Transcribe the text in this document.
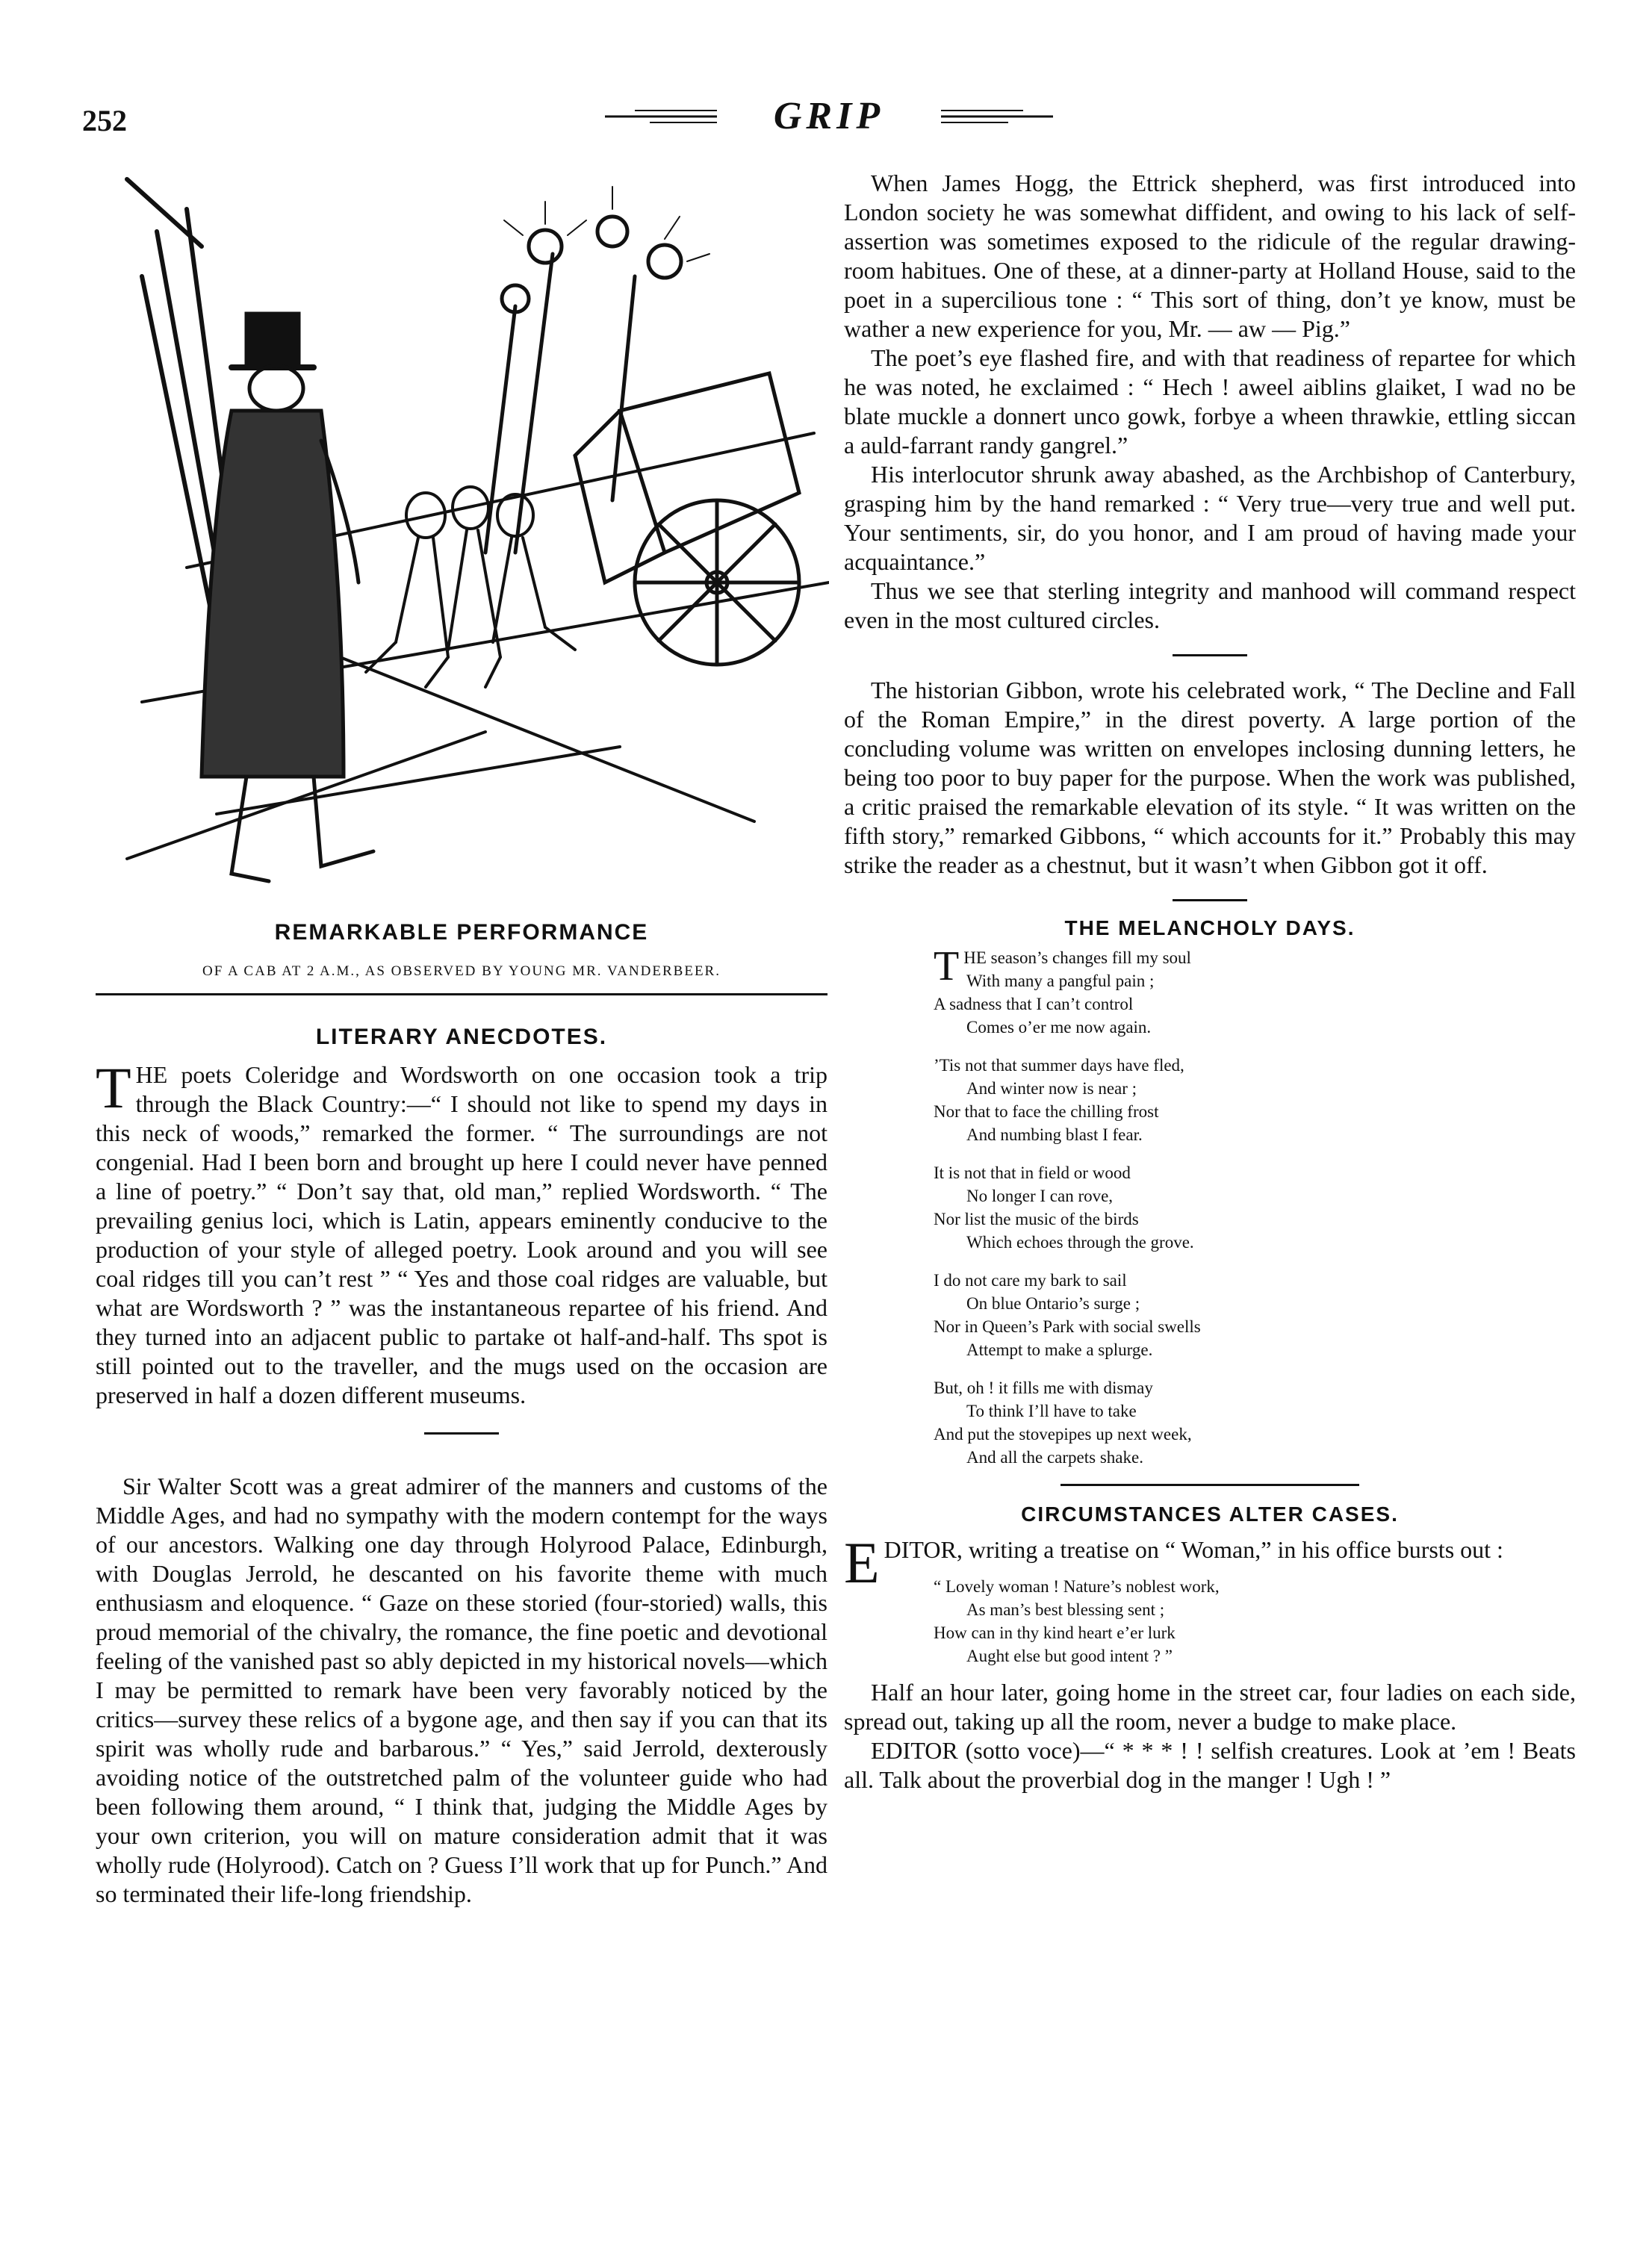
252	GRIP
REMARKABLE PERFORMANCE
OF A CAB AT 2 A.M., AS OBSERVED BY YOUNG MR. VANDERBEER.
LITERARY ANECDOTES.

THE poets Coleridge and Wordsworth on one occasion took a trip through the Black Country:—“ I should not like to spend my days in this neck of woods,” remarked the former. “ The surroundings are not congenial. Had I been born and brought up here I could never have penned a line of poetry.” “ Don’t say that, old man,” replied Wordsworth. “ The prevailing genius loci, which is Latin, appears eminently conducive to the production of your style of alleged poetry. Look around and you will see coal ridges till you can’t rest ” “ Yes and those coal ridges are valuable, but what are Wordsworth ? ” was the instantaneous repartee of his friend. And they turned into an adjacent public to partake ot half-and-half. Ths spot is still pointed out to the traveller, and the mugs used on the occasion are preserved in half a dozen different museums.

Sir Walter Scott was a great admirer of the manners and customs of the Middle Ages, and had no sympathy with the modern contempt for the ways of our ancestors. Walking one day through Holyrood Palace, Edinburgh, with Douglas Jerrold, he descanted on his favorite theme with much enthusiasm and eloquence. “ Gaze on these storied (four-storied) walls, this proud memorial of the chivalry, the romance, the fine poetic and devotional feeling of the vanished past so ably depicted in my historical novels—which I may be permitted to remark have been very favorably noticed by the critics—survey these relics of a bygone age, and then say if you can that its spirit was wholly rude and barbarous.” “ Yes,” said Jerrold, dexterously avoiding notice of the outstretched palm of the volunteer guide who had been following them around, “ I think that, judging the Middle Ages by your own criterion, you will on mature consideration admit that it was wholly rude (Holyrood). Catch on ? Guess I’ll work that up for Punch.” And so terminated their life-long friendship.

When James Hogg, the Ettrick shepherd, was first introduced into London society he was somewhat diffident, and owing to his lack of self-assertion was sometimes exposed to the ridicule of the regular drawing-room habitues. One of these, at a dinner-party at Holland House, said to the poet in a supercilious tone : “ This sort of thing, don’t ye know, must be wather a new experience for you, Mr. — aw — Pig.”

The poet’s eye flashed fire, and with that readiness of repartee for which he was noted, he exclaimed : “ Hech ! aweel aiblins glaiket, I wad no be blate muckle a donnert unco gowk, forbye a wheen thrawkie, ettling siccan a auld-farrant randy gangrel.”

His interlocutor shrunk away abashed, as the Archbishop of Canterbury, grasping him by the hand remarked : “ Very true—very true and well put. Your sentiments, sir, do you honor, and I am proud of having made your acquaintance.”

Thus we see that sterling integrity and manhood will command respect even in the most cultured circles.

The historian Gibbon, wrote his celebrated work, “ The Decline and Fall of the Roman Empire,” in the direst poverty. A large portion of the concluding volume was written on envelopes inclosing dunning letters, he being too poor to buy paper for the purpose. When the work was published, a critic praised the remarkable elevation of its style. “ It was written on the fifth story,” remarked Gibbons, “ which accounts for it.” Probably this may strike the reader as a chestnut, but it wasn’t when Gibbon got it off.

THE MELANCHOLY DAYS.
THE season’s changes fill my soul
With many a pangful pain ;
A sadness that I can’t control
Comes o’er me now again.
’Tis not that summer days have fled,
And winter now is near ;
Nor that to face the chilling frost
And numbing blast I fear.
It is not that in field or wood
No longer I can rove,
Nor list the music of the birds
Which echoes through the grove.
I do not care my bark to sail
On blue Ontario’s surge ;
Nor in Queen’s Park with social swells
Attempt to make a splurge.
But, oh ! it fills me with dismay
To think I’ll have to take
And put the stovepipes up next week,
And all the carpets shake.
CIRCUMSTANCES ALTER CASES.

EDITOR, writing a treatise on “ Woman,” in his office bursts out :

“ Lovely woman ! Nature’s noblest work,
As man’s best blessing sent ;
How can in thy kind heart e’er lurk
Aught else but good intent ? ”

Half an hour later, going home in the street car, four ladies on each side, spread out, taking up all the room, never a budge to make place.

EDITOR (sotto voce)—“ * * * ! ! selfish creatures. Look at ’em ! Beats all. Talk about the proverbial dog in the manger ! Ugh ! ”
